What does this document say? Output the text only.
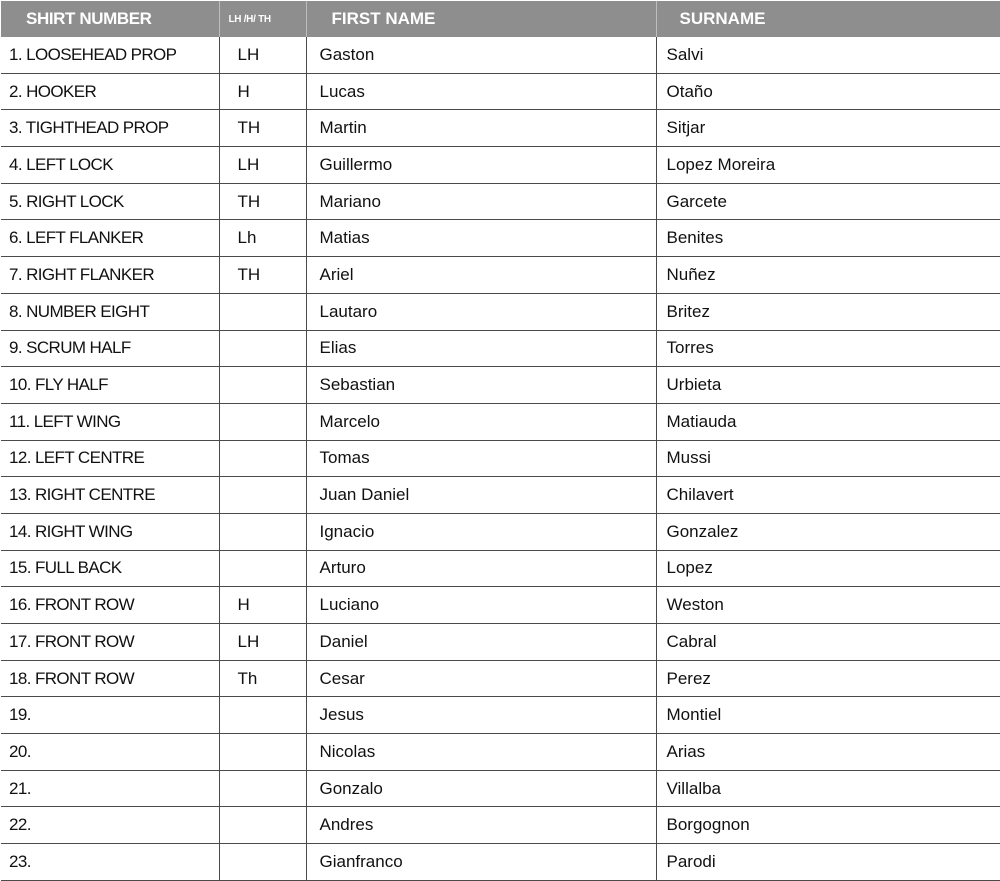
SHIRT NUMBER	LH /H/ TH	FIRST NAME	SURNAME
1. LOOSEHEAD PROP	LH	Gaston	Salvi
2. HOOKER	H	Lucas	Otaño
3. TIGHTHEAD PROP	TH	Martin	Sitjar
4. LEFT LOCK	LH	Guillermo	Lopez Moreira
5. RIGHT LOCK	TH	Mariano	Garcete
6. LEFT FLANKER	Lh	Matias	Benites
7. RIGHT FLANKER	TH	Ariel	Nuñez
8. NUMBER EIGHT		Lautaro	Britez
9. SCRUM HALF		Elias	Torres
10. FLY HALF		Sebastian	Urbieta
11. LEFT WING		Marcelo	Matiauda
12. LEFT CENTRE		Tomas	Mussi
13. RIGHT CENTRE		Juan Daniel	Chilavert
14. RIGHT WING		Ignacio	Gonzalez
15. FULL BACK		Arturo	Lopez
16. FRONT ROW	H	Luciano	Weston
17. FRONT ROW	LH	Daniel	Cabral
18. FRONT ROW	Th	Cesar	Perez
19.		Jesus	Montiel
20.		Nicolas	Arias
21.		Gonzalo	Villalba
22.		Andres	Borgognon
23.		Gianfranco	Parodi
